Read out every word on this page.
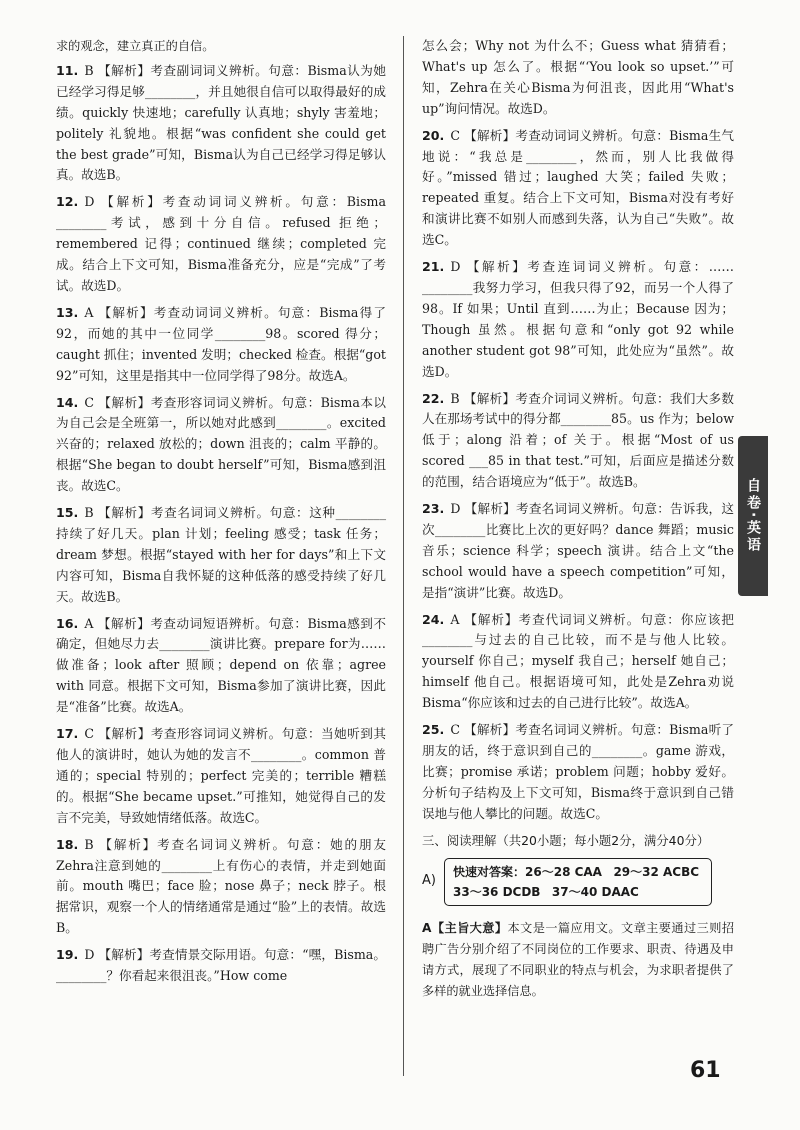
求的观念，建立真正的自信。

11. B 【解析】考查副词词义辨析。句意：Bisma认为她已经学习得足够________，并且她很自信可以取得最好的成绩。quickly 快速地；carefully 认真地；shyly 害羞地；politely 礼貌地。根据“was confident she could get the best grade”可知，Bisma认为自己已经学习得足够认真。故选B。

12. D 【解析】考查动词词义辨析。句意：Bisma ________考试，感到十分自信。refused 拒绝；remembered 记得；continued 继续；completed 完成。结合上下文可知，Bisma准备充分，应是“完成”了考试。故选D。

13. A 【解析】考查动词词义辨析。句意：Bisma得了92，而她的其中一位同学________98。scored 得分；caught 抓住；invented 发明；checked 检查。根据“got 92”可知，这里是指其中一位同学得了98分。故选A。

14. C 【解析】考查形容词词义辨析。句意：Bisma本以为自己会是全班第一，所以她对此感到________。excited 兴奋的；relaxed 放松的；down 沮丧的；calm 平静的。根据“She began to doubt herself”可知，Bisma感到沮丧。故选C。

15. B 【解析】考查名词词义辨析。句意：这种________持续了好几天。plan 计划；feeling 感受；task 任务；dream 梦想。根据“stayed with her for days”和上下文内容可知，Bisma自我怀疑的这种低落的感受持续了好几天。故选B。

16. A 【解析】考查动词短语辨析。句意：Bisma感到不确定，但她尽力去________演讲比赛。prepare for为……做准备；look after 照顾；depend on 依靠；agree with 同意。根据下文可知，Bisma参加了演讲比赛，因此是“准备”比赛。故选A。

17. C 【解析】考查形容词词义辨析。句意：当她听到其他人的演讲时，她认为她的发言不________。common 普通的；special 特别的；perfect 完美的；terrible 糟糕的。根据“She became upset.”可推知，她觉得自己的发言不完美，导致她情绪低落。故选C。

18. B 【解析】考查名词词义辨析。句意：她的朋友Zehra注意到她的________上有伤心的表情，并走到她面前。mouth 嘴巴；face 脸；nose 鼻子；neck 脖子。根据常识，观察一个人的情绪通常是通过“脸”上的表情。故选B。

19. D 【解析】考查情景交际用语。句意：“嘿，Bisma。________？你看起来很沮丧。”How come

怎么会；Why not 为什么不；Guess what 猜猜看；What's up 怎么了。根据“‘You look so upset.’”可知，Zehra在关心Bisma为何沮丧，因此用“What's up”询问情况。故选D。

20. C 【解析】考查动词词义辨析。句意：Bisma生气地说：“我总是________，然而，别人比我做得好。”missed 错过；laughed 大笑；failed 失败；repeated 重复。结合上下文可知，Bisma对没有考好和演讲比赛不如别人而感到失落，认为自己“失败”。故选C。

21. D 【解析】考查连词词义辨析。句意：……________我努力学习，但我只得了92，而另一个人得了98。If 如果；Until 直到……为止；Because 因为；Though 虽然。根据句意和“only got 92 while another student got 98”可知，此处应为“虽然”。故选D。

22. B 【解析】考查介词词义辨析。句意：我们大多数人在那场考试中的得分都________85。us 作为；below 低于；along 沿着；of 关于。根据“Most of us scored ___85 in that test.”可知，后面应是描述分数的范围，结合语境应为“低于”。故选B。

23. D 【解析】考查名词词义辨析。句意：告诉我，这次________比赛比上次的更好吗？dance 舞蹈；music 音乐；science 科学；speech 演讲。结合上文“the school would have a speech competition”可知，是指“演讲”比赛。故选D。

24. A 【解析】考查代词词义辨析。句意：你应该把________与过去的自己比较，而不是与他人比较。yourself 你自己；myself 我自己；herself 她自己；himself 他自己。根据语境可知，此处是Zehra劝说Bisma“你应该和过去的自己进行比较”。故选A。

25. C 【解析】考查名词词义辨析。句意：Bisma听了朋友的话，终于意识到自己的________。game 游戏，比赛；promise 承诺；problem 问题；hobby 爱好。分析句子结构及上下文可知，Bisma终于意识到自己错误地与他人攀比的问题。故选C。

三、阅读理解（共20小题；每小题2分，满分40分）

A)
快速对答案：26～28 CAA 29～32 ACBC
33～36 DCDB 37～40 DAAC

A【主旨大意】本文是一篇应用文。文章主要通过三则招聘广告分别介绍了不同岗位的工作要求、职责、待遇及申请方式，展现了不同职业的特点与机会，为求职者提供了多样的就业选择信息。

自卷·英语
61
